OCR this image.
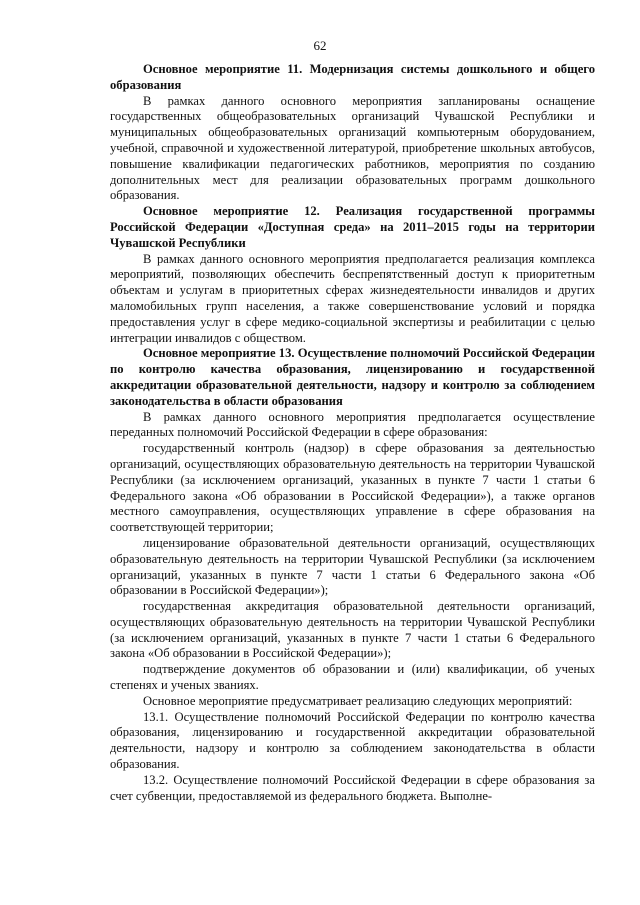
62

Основное мероприятие 11. Модернизация системы дошкольного и общего образования

В рамках данного основного мероприятия запланированы оснащение государственных общеобразовательных организаций Чувашской Республики и муниципальных общеобразовательных организаций компьютерным оборудованием, учебной, справочной и художественной литературой, приобретение школьных автобусов, повышение квалификации педагогических работников, мероприятия по созданию дополнительных мест для реализации образовательных программ дошкольного образования.

Основное мероприятие 12. Реализация государственной программы Российской Федерации «Доступная среда» на 2011–2015 годы на территории Чувашской Республики

В рамках данного основного мероприятия предполагается реализация комплекса мероприятий, позволяющих обеспечить беспрепятственный доступ к приоритетным объектам и услугам в приоритетных сферах жизнедеятельности инвалидов и других маломобильных групп населения, а также совершенствование условий и порядка предоставления услуг в сфере медико-социальной экспертизы и реабилитации с целью интеграции инвалидов с обществом.

Основное мероприятие 13. Осуществление полномочий Российской Федерации по контролю качества образования, лицензированию и государственной аккредитации образовательной деятельности, надзору и контролю за соблюдением законодательства в области образования

В рамках данного основного мероприятия предполагается осуществление переданных полномочий Российской Федерации в сфере образования:

государственный контроль (надзор) в сфере образования за деятельностью организаций, осуществляющих образовательную деятельность на территории Чувашской Республики (за исключением организаций, указанных в пункте 7 части 1 статьи 6 Федерального закона «Об образовании в Российской Федерации»), а также органов местного самоуправления, осуществляющих управление в сфере образования на соответствующей территории;

лицензирование образовательной деятельности организаций, осуществляющих образовательную деятельность на территории Чувашской Республики (за исключением организаций, указанных в пункте 7 части 1 статьи 6 Федерального закона «Об образовании в Российской Федерации»);

государственная аккредитация образовательной деятельности организаций, осуществляющих образовательную деятельность на территории Чувашской Республики (за исключением организаций, указанных в пункте 7 части 1 статьи 6 Федерального закона «Об образовании в Российской Федерации»);

подтверждение документов об образовании и (или) квалификации, об ученых степенях и ученых званиях.

Основное мероприятие предусматривает реализацию следующих мероприятий:

13.1. Осуществление полномочий Российской Федерации по контролю качества образования, лицензированию и государственной аккредитации образовательной деятельности, надзору и контролю за соблюдением законодательства в области образования.

13.2. Осуществление полномочий Российской Федерации в сфере образования за счет субвенции, предоставляемой из федерального бюджета. Выполне-
